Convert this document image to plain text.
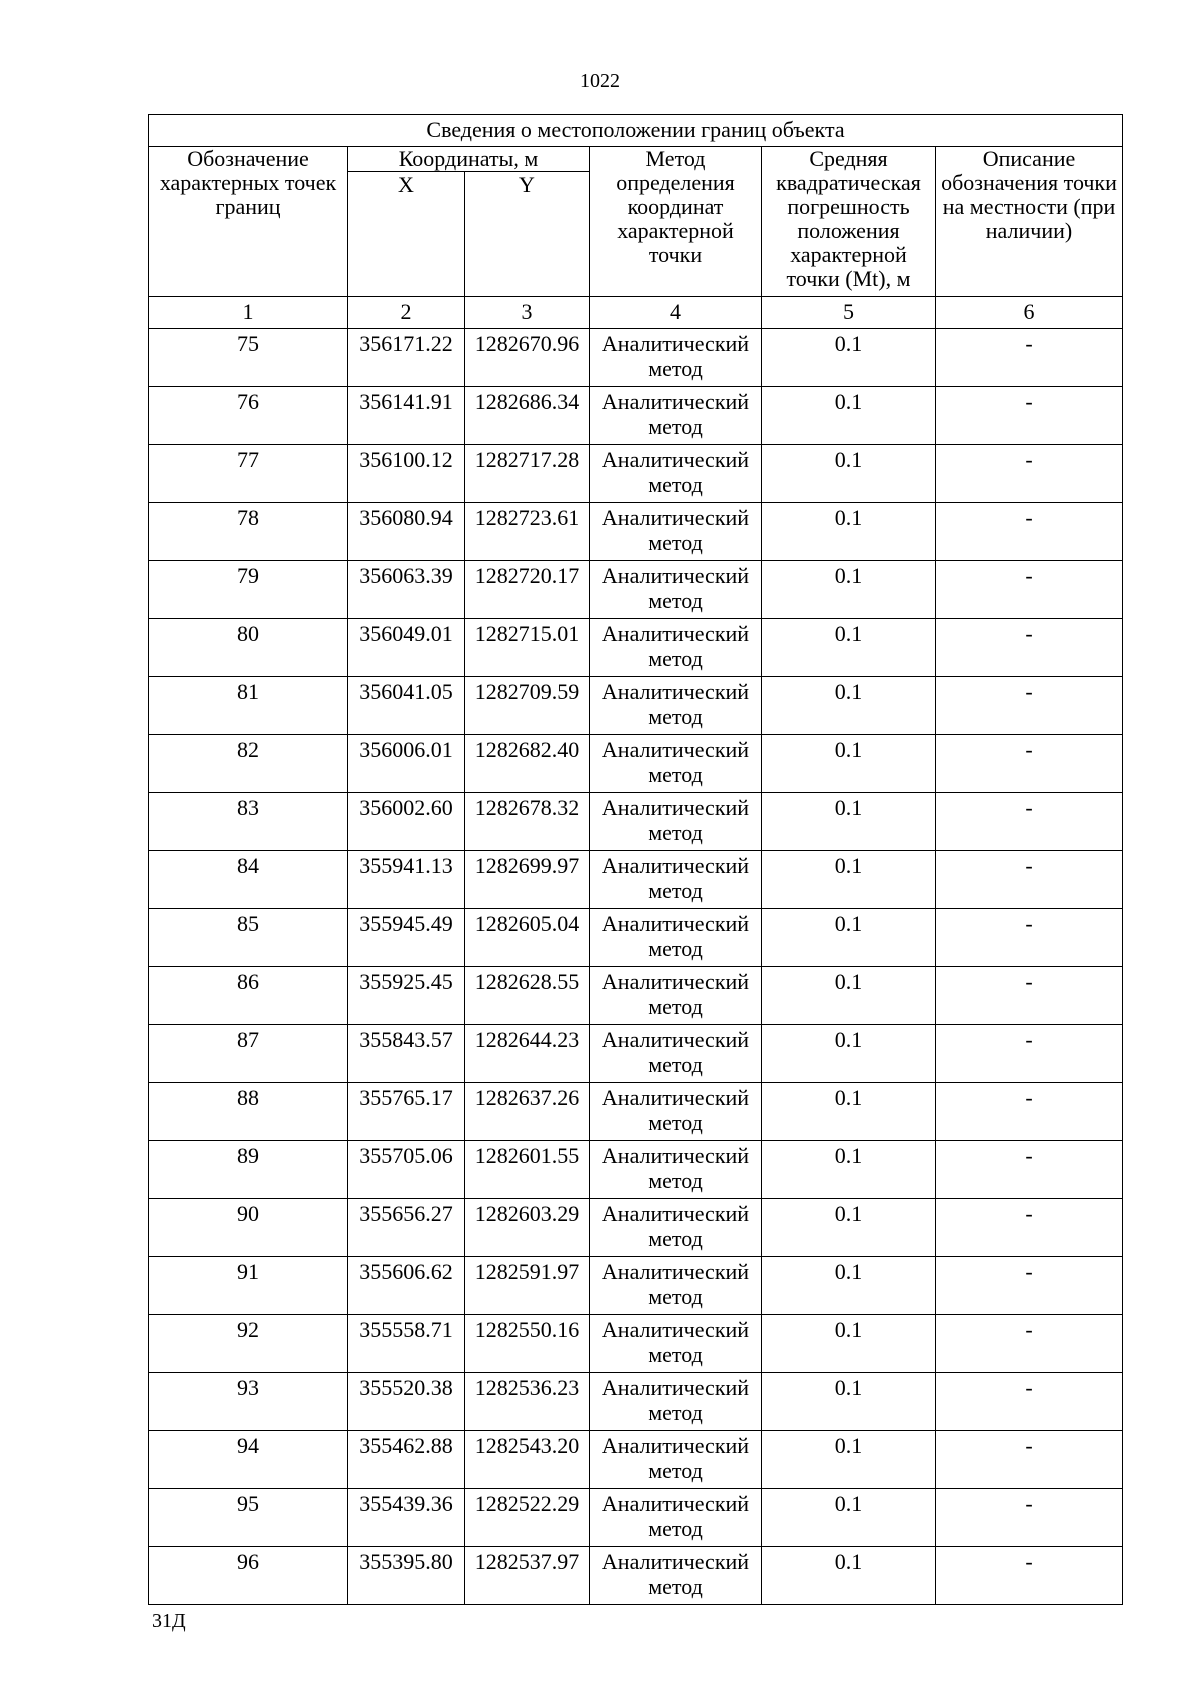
1022
Сведения о местоположении границ объекта					
Обозначение характерных точек границ	Координаты, м		Метод определения координат характерной точки	Средняя квадратическая погрешность положения характерной точки (Mt), м	Описание обозначения точки на местности (при наличии)
	X	Y			
1	2	3	4	5	6
75	356171.22	1282670.96	Аналитический метод	0.1	-
76	356141.91	1282686.34	Аналитический метод	0.1	-
77	356100.12	1282717.28	Аналитический метод	0.1	-
78	356080.94	1282723.61	Аналитический метод	0.1	-
79	356063.39	1282720.17	Аналитический метод	0.1	-
80	356049.01	1282715.01	Аналитический метод	0.1	-
81	356041.05	1282709.59	Аналитический метод	0.1	-
82	356006.01	1282682.40	Аналитический метод	0.1	-
83	356002.60	1282678.32	Аналитический метод	0.1	-
84	355941.13	1282699.97	Аналитический метод	0.1	-
85	355945.49	1282605.04	Аналитический метод	0.1	-
86	355925.45	1282628.55	Аналитический метод	0.1	-
87	355843.57	1282644.23	Аналитический метод	0.1	-
88	355765.17	1282637.26	Аналитический метод	0.1	-
89	355705.06	1282601.55	Аналитический метод	0.1	-
90	355656.27	1282603.29	Аналитический метод	0.1	-
91	355606.62	1282591.97	Аналитический метод	0.1	-
92	355558.71	1282550.16	Аналитический метод	0.1	-
93	355520.38	1282536.23	Аналитический метод	0.1	-
94	355462.88	1282543.20	Аналитический метод	0.1	-
95	355439.36	1282522.29	Аналитический метод	0.1	-
96	355395.80	1282537.97	Аналитический метод	0.1	-
31Д
